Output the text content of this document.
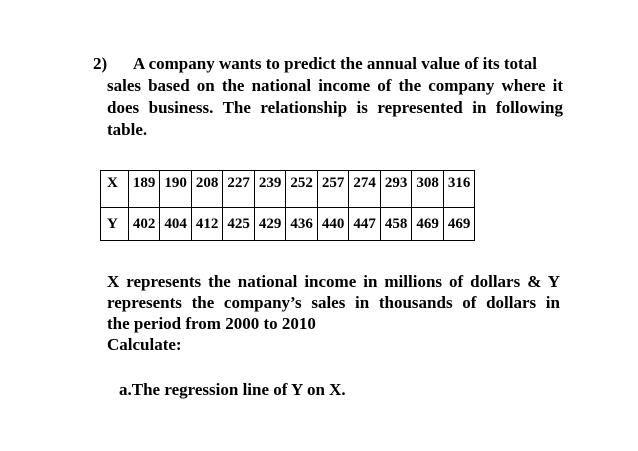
2) A company wants to predict the annual value of its total
sales based on the national income of the company where it
does business. The relationship is represented in following
table.
X	189	190	208	227	239	252	257	274	293	308	316
Y	402	404	412	425	429	436	440	447	458	469	469
X represents the national income in millions of dollars & Y
represents the company’s sales in thousands of dollars in
the period from 2000 to 2010
Calculate:
a.The regression line of Y on X.
